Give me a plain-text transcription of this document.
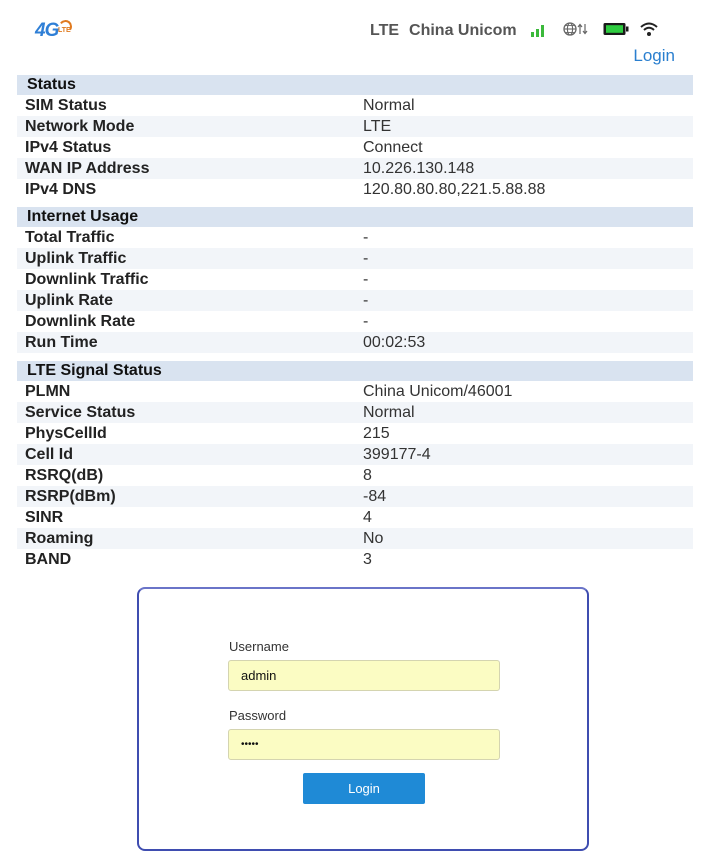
4G LTE	LTE China Unicom
Login
Status
SIM Status	Normal
Network Mode	LTE
IPv4 Status	Connect
WAN IP Address	10.226.130.148
IPv4 DNS	120.80.80.80,221.5.88.88
Internet Usage
Total Traffic	-
Uplink Traffic	-
Downlink Traffic	-
Uplink Rate	-
Downlink Rate	-
Run Time	00:02:53
LTE Signal Status
PLMN	China Unicom/46001
Service Status	Normal
PhysCellId	215
Cell Id	399177-4
RSRQ(dB)	8
RSRP(dBm)	-84
SINR	4
Roaming	No
BAND	3
Username
admin
Password
•••••
Login
